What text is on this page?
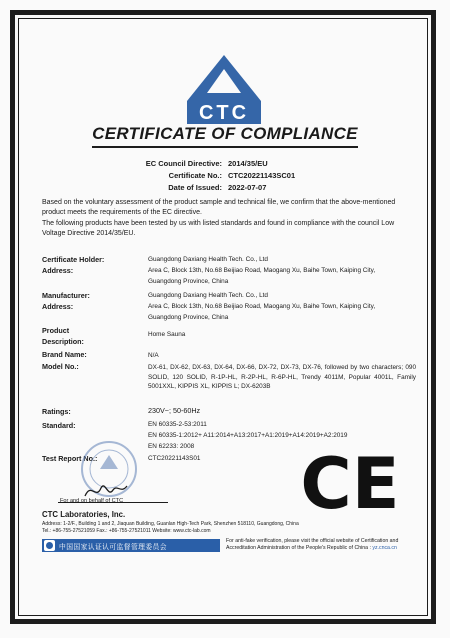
CTC
CERTIFICATE OF COMPLIANCE
EC Council Directive: 2014/35/EU
Certificate No.: CTC20221143SC01
Date of Issued: 2022-07-07
Based on the voluntary assessment of the product sample and technical file, we confirm that the above-mentioned product meets the requirements of the EC directive.
The following products have been tested by us with listed standards and found in compliance with the council Low Voltage Directive 2014/35/EU.
Certificate Holder:	Guangdong Daxiang Health Tech. Co., Ltd
Address:	Area C, Block 13th, No.68 Beijiao Road, Maogang Xu, Baihe Town, Kaiping City,
Guangdong Province, China
Manufacturer:	Guangdong Daxiang Health Tech. Co., Ltd
Address:	Area C, Block 13th, No.68 Beijiao Road, Maogang Xu, Baihe Town, Kaiping City,
Guangdong Province, China
Product
Description:
Home Sauna
Brand Name:	N/A
Model No.:	DX-61, DX-62, DX-63, DX-64, DX-66, DX-72, DX-73, DX-76, followed by two characters; 090 SOLID, 120 SOLID, R-1P-HL, R-2P-HL, R-6P-HL, Trendy 4011M, Popular 4001L, Family 5001XXL, KIPPIS XL, KIPPIS L; DX-6203B
Ratings:	230V~; 50-60Hz
Standard:	EN 60335-2-53:2011
EN 60335-1:2012+ A11:2014+A13:2017+A1:2019+A14:2019+A2:2019
EN 62233: 2008
Test Report No.:	CTC20221143S01
For and on behalf of CTC	CE
CTC Laboratories, Inc.
Address: 1-2/F., Building 1 and 2, Jiaquan Building, Guanlan High-Tech Park, Shenzhen 518110, Guangdong, China
Tel.: +86-755-27521059 Fax.: +86-755-27521011 Website: www.ctc-lab.com
中国国家认证认可监督管理委员会
For anti-fake verification, please visit the official website of Certification and Accreditation Administration of the People's Republic of China : yz.cnca.cn
